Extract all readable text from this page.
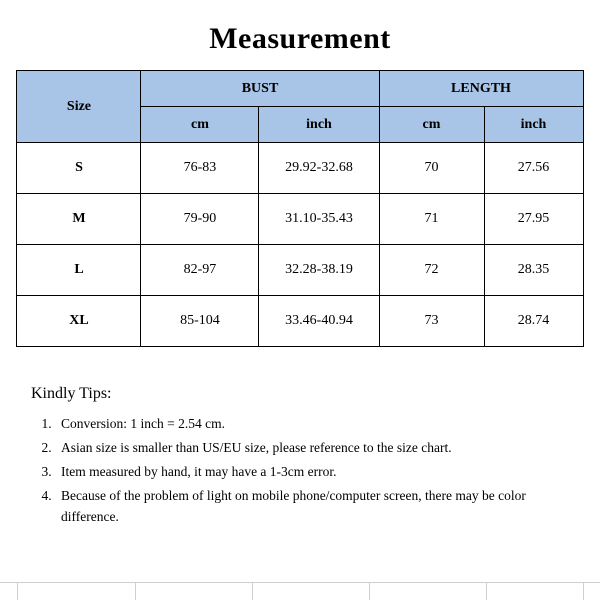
Measurement
Size	BUST		LENGTH	
	cm	inch	cm	inch
S	76-83	29.92-32.68	70	27.56
M	79-90	31.10-35.43	71	27.95
L	82-97	32.28-38.19	72	28.35
XL	85-104	33.46-40.94	73	28.74
Kindly Tips:
1. Conversion: 1 inch = 2.54 cm.
2. Asian size is smaller than US/EU size, please reference to the size chart.
3. Item measured by hand, it may have a 1-3cm error.
4. Because of the problem of light on mobile phone/computer screen, there may be color difference.
